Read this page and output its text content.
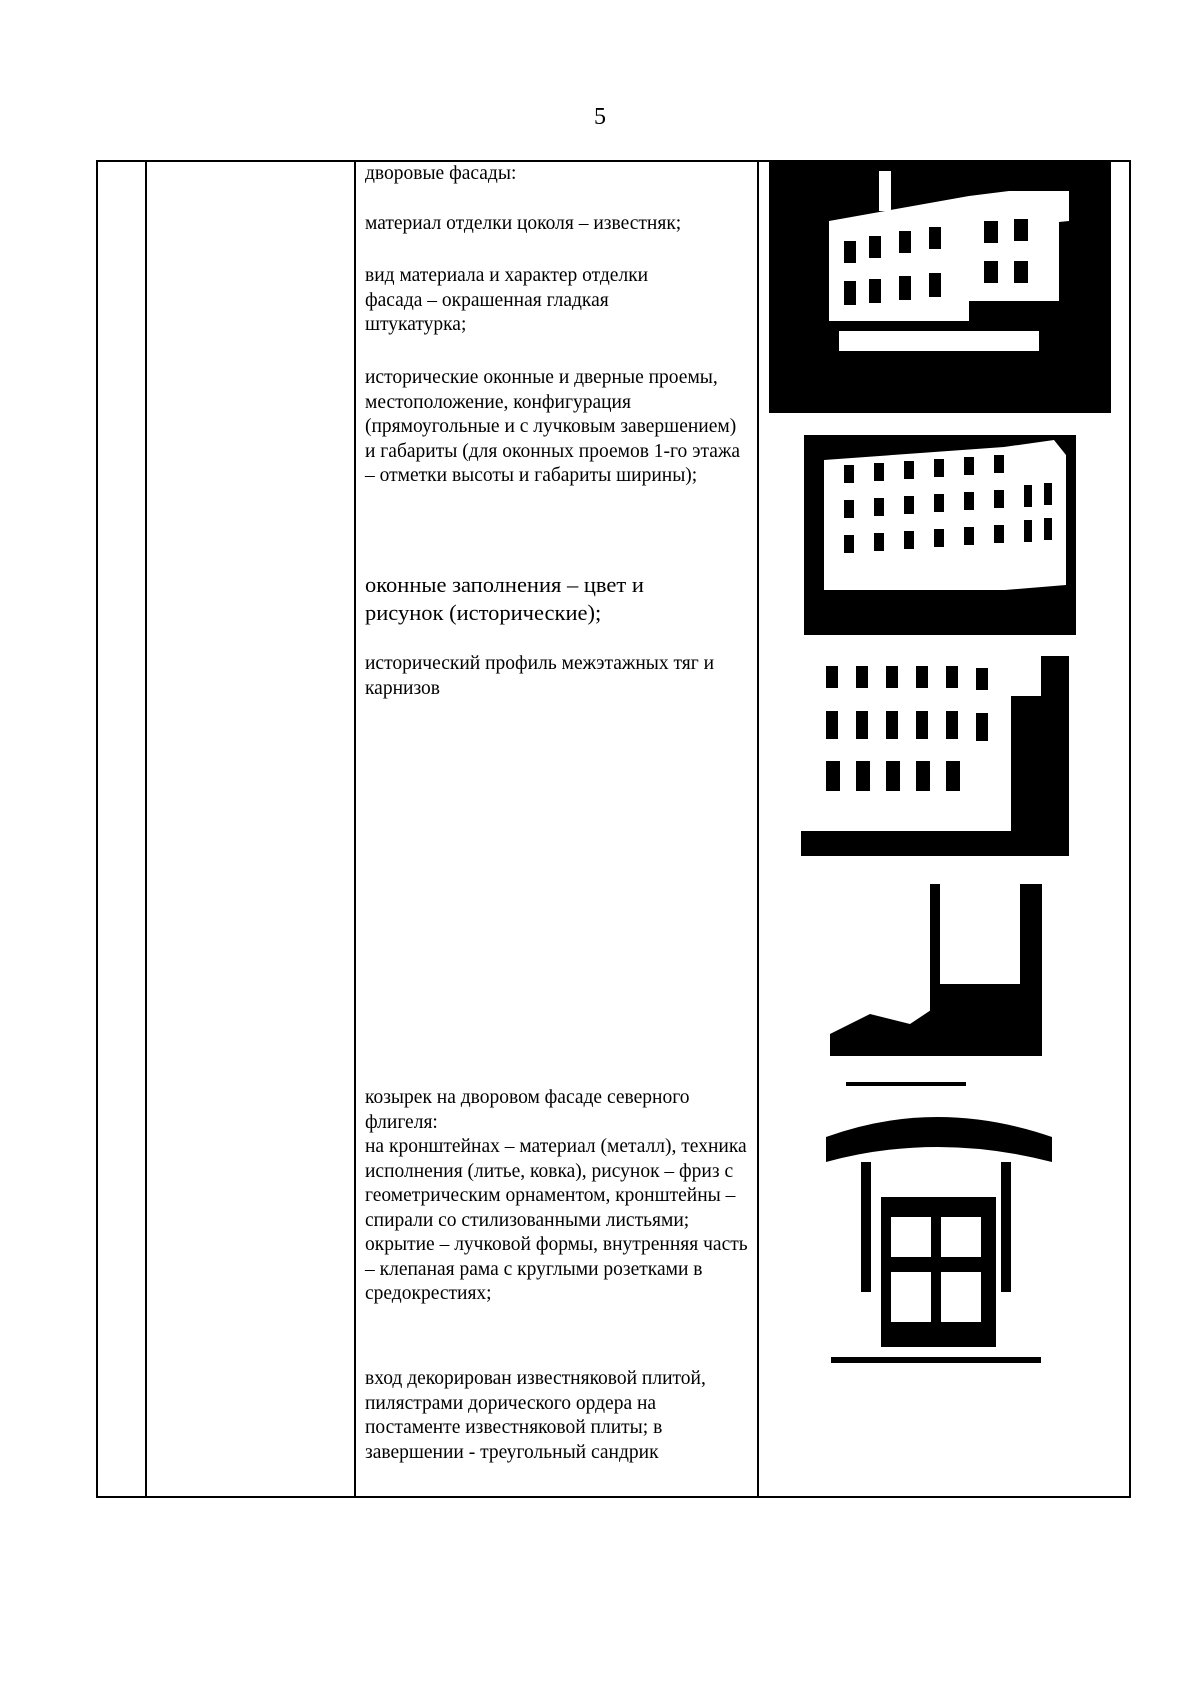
5

дворовые фасады:

материал отделки цоколя – известняк;

вид материала и характер отделки фасада – окрашенная гладкая штукатурка;

исторические оконные и дверные проемы, местоположение, конфигурация (прямоугольные и с лучковым завершением) и габариты (для оконных проемов 1-го этажа – отметки высоты и габариты ширины);

оконные заполнения – цвет и рисунок (исторические);

исторический профиль межэтажных тяг и карнизов

козырек на дворовом фасаде северного флигеля:

на кронштейнах – материал (металл), техника исполнения (литье, ковка), рисунок – фриз с геометрическим орнаментом, кронштейны – спирали со стилизованными листьями; окрытие – лучковой формы, внутренняя часть – клепаная рама с круглыми розетками в средокрестиях;

вход декорирован известняковой плитой, пилястрами дорического ордера на постаменте известняковой плиты; в завершении - треугольный сандрик
